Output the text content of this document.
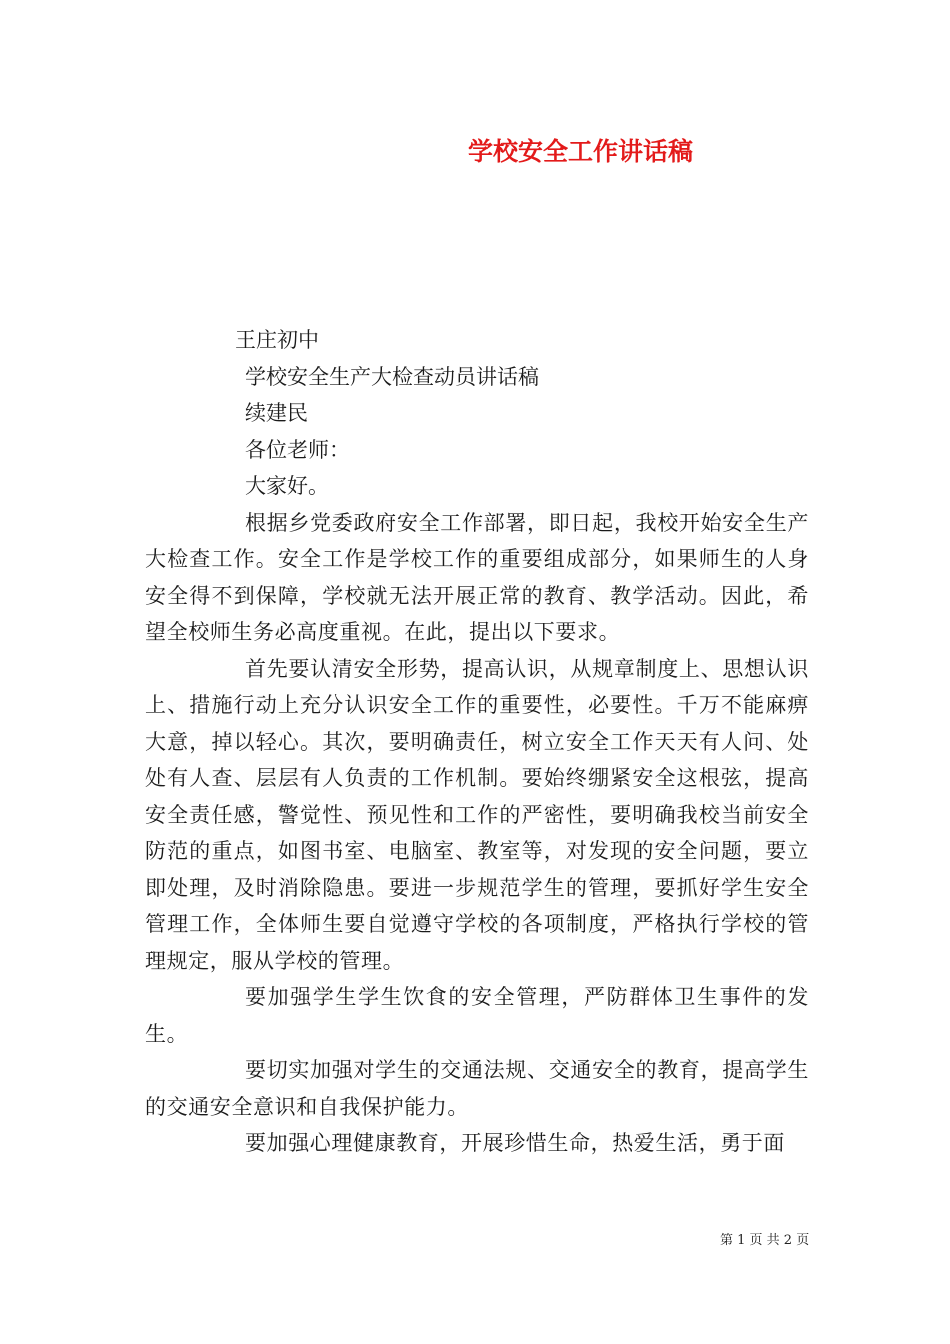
学校安全工作讲话稿

王庄初中

学校安全生产大检查动员讲话稿

续建民

各位老师：

大家好。

根据乡党委政府安全工作部署，即日起，我校开始安全生产大检查工作。安全工作是学校工作的重要组成部分，如果师生的人身安全得不到保障，学校就无法开展正常的教育、教学活动。因此，希望全校师生务必高度重视。在此，提出以下要求。

首先要认清安全形势，提高认识，从规章制度上、思想认识上、措施行动上充分认识安全工作的重要性，必要性。千万不能麻痹大意，掉以轻心。其次，要明确责任，树立安全工作天天有人问、处处有人查、层层有人负责的工作机制。要始终绷紧安全这根弦，提高安全责任感，警觉性、预见性和工作的严密性，要明确我校当前安全防范的重点，如图书室、电脑室、教室等，对发现的安全问题，要立即处理，及时消除隐患。要进一步规范学生的管理，要抓好学生安全管理工作，全体师生要自觉遵守学校的各项制度，严格执行学校的管理规定，服从学校的管理。

要加强学生学生饮食的安全管理，严防群体卫生事件的发生。

要切实加强对学生的交通法规、交通安全的教育，提高学生的交通安全意识和自我保护能力。

要加强心理健康教育，开展珍惜生命，热爱生活，勇于面

第 1 页 共 2 页
